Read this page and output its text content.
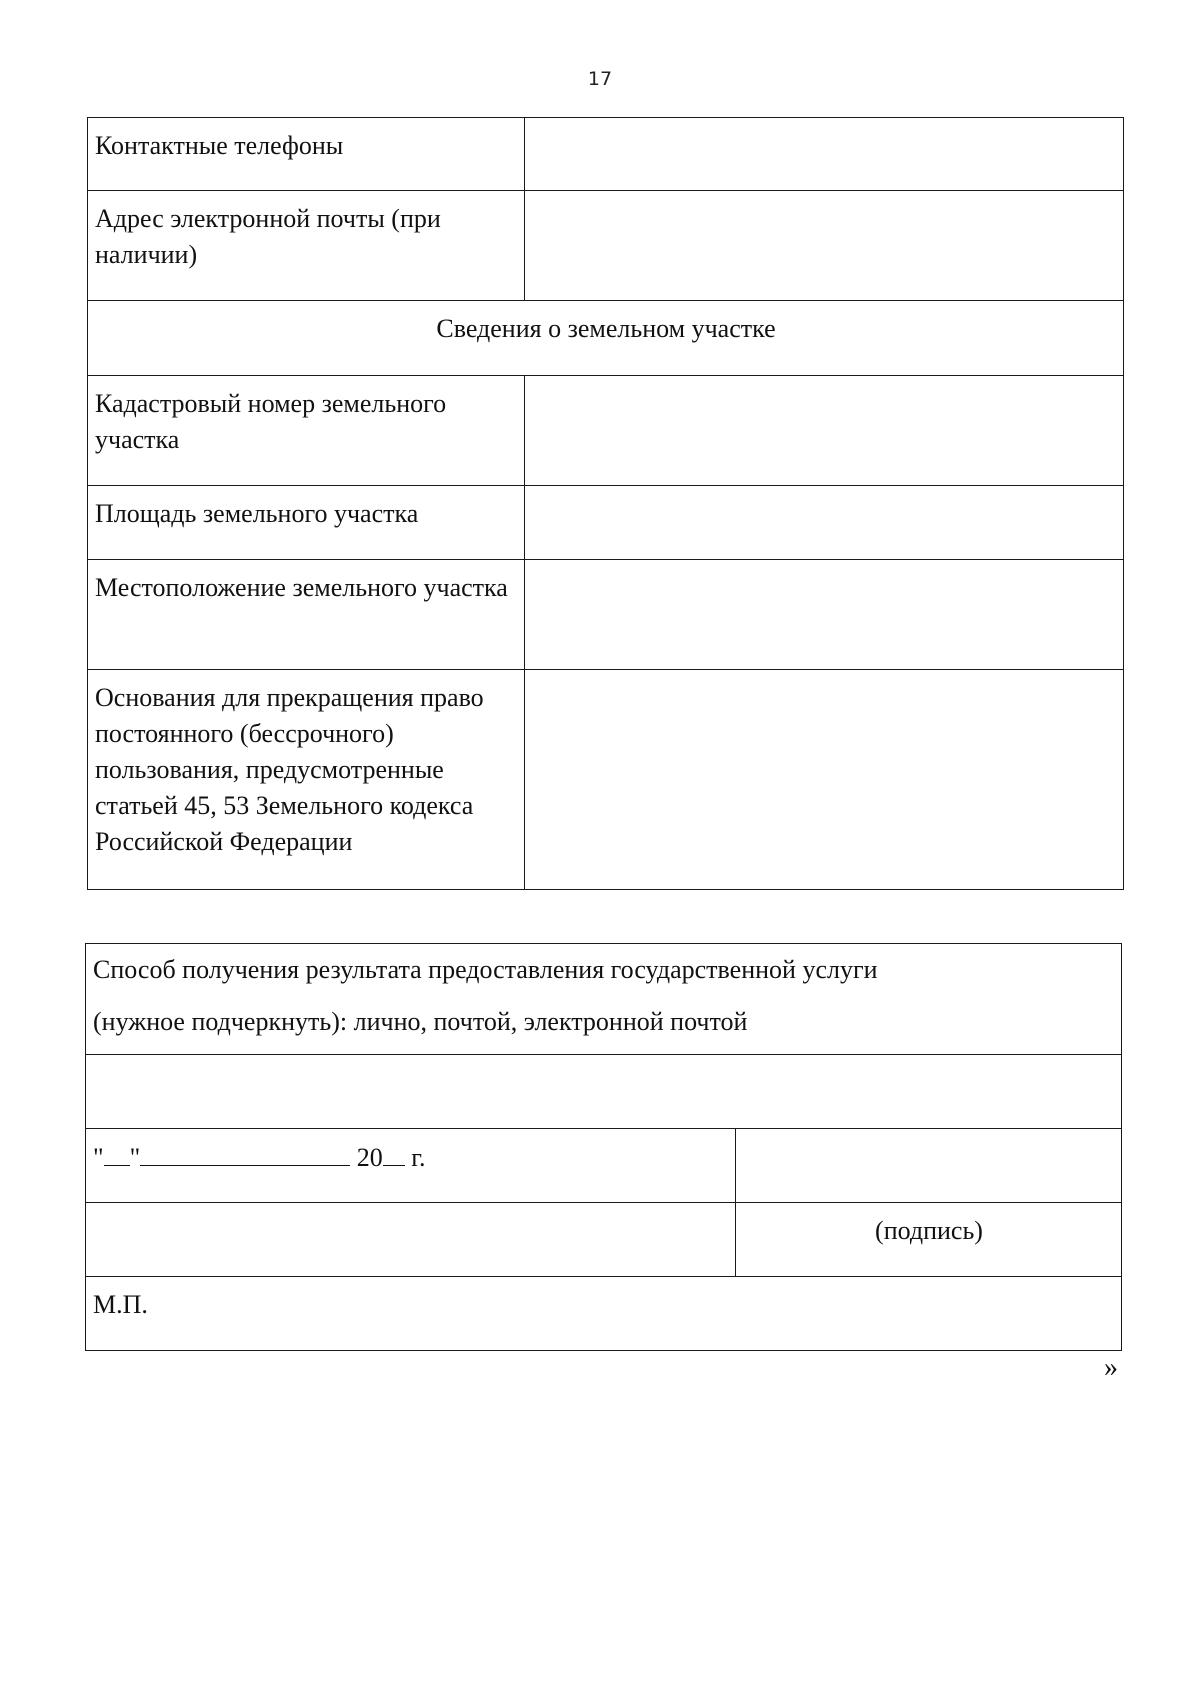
17
Контактные телефоны	
Адрес электронной почты (при наличии)	
Сведения о земельном участке	
Кадастровый номер земельного участка	
Площадь земельного участка	
Местоположение земельного участка	
Основания для прекращения право постоянного (бессрочного) пользования, предусмотренные статьей 45, 53 Земельного кодекса Российской Федерации	
Способ получения результата предоставления государственной услуги
(нужное подчеркнуть): лично, почтой, электронной почтой	

" " 20 г.	
	(подпись)
М.П.	
»
